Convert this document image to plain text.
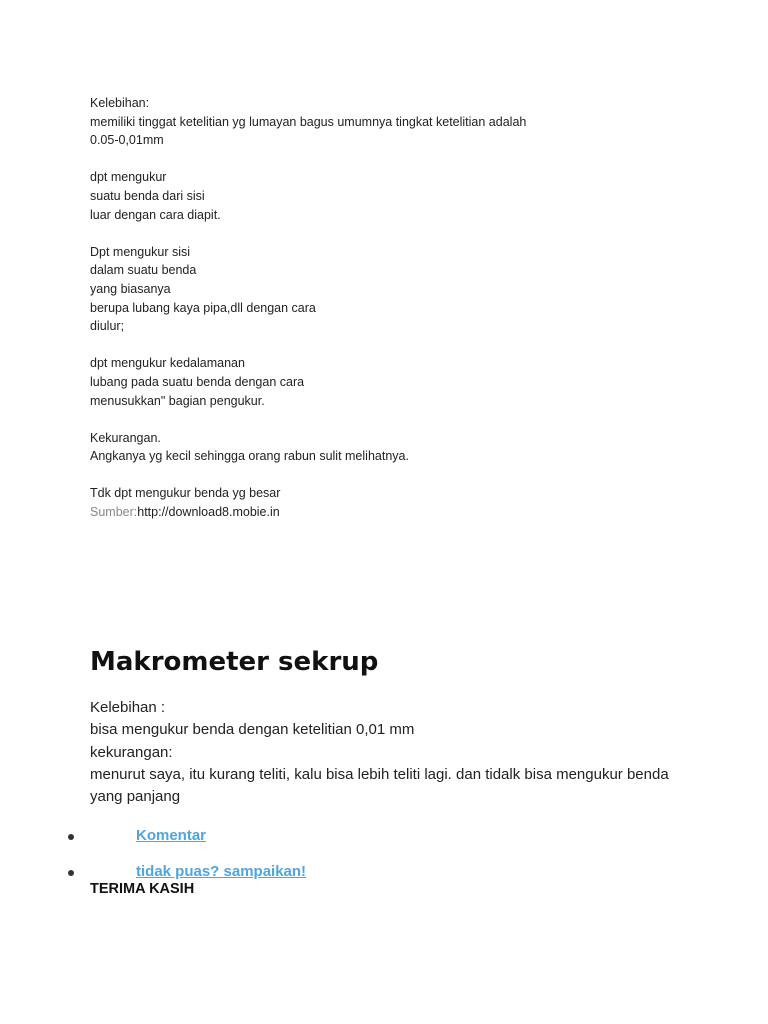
Kelebihan:
memiliki tinggat ketelitian yg lumayan bagus umumnya tingkat ketelitian adalah
0.05-0,01mm
dpt mengukur
suatu benda dari sisi
luar dengan cara diapit.
Dpt mengukur sisi
dalam suatu benda
yang biasanya
berupa lubang kaya pipa,dll dengan cara
diulur;
dpt mengukur kedalamanan
lubang pada suatu benda dengan cara
menusukkan" bagian pengukur.
Kekurangan.
Angkanya yg kecil sehingga orang rabun sulit melihatnya.
Tdk dpt mengukur benda yg besar
Sumber:http://download8.mobie.in
Makrometer sekrup
Kelebihan :
bisa mengukur benda dengan ketelitian 0,01 mm
kekurangan:
menurut saya, itu kurang teliti, kalu bisa lebih teliti lagi. dan tidalk bisa mengukur benda
yang panjang
Komentar
tidak puas? sampaikan!
TERIMA KASIH
